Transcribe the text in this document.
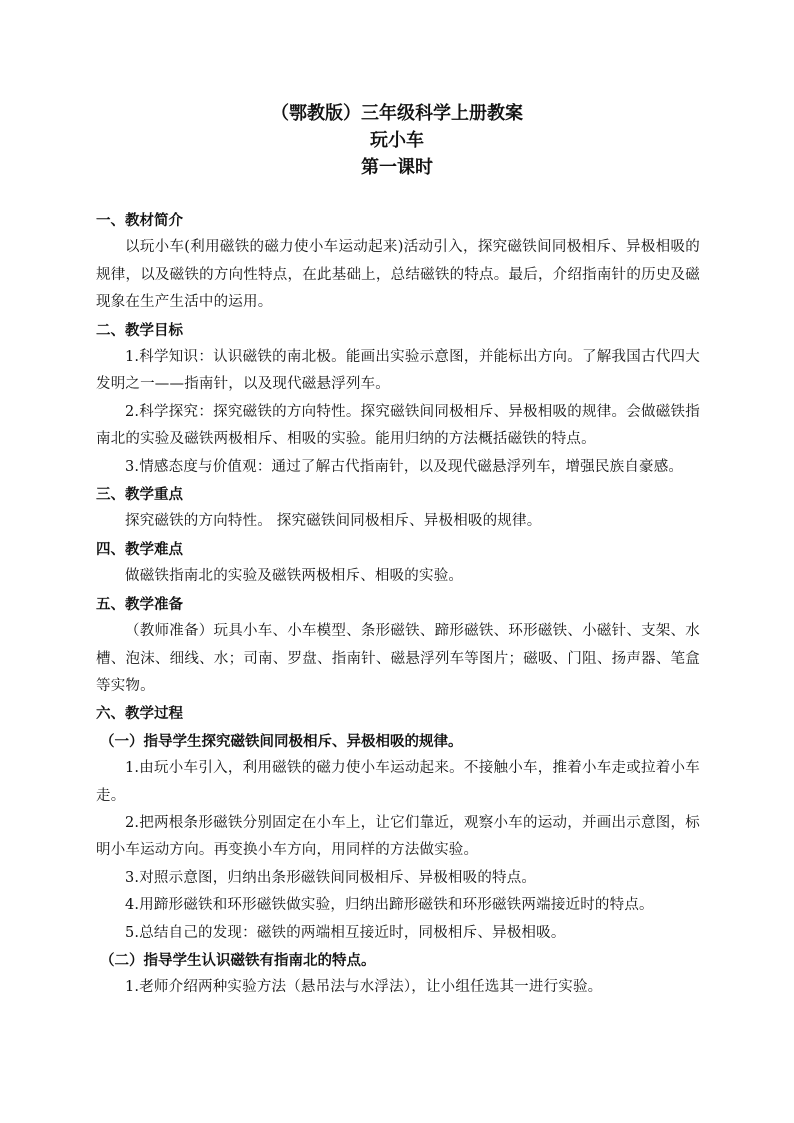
（鄂教版）三年级科学上册教案
玩小车
第一课时
一、教材简介
以玩小车(利用磁铁的磁力使小车运动起来)活动引入，探究磁铁间同极相斥、异极相吸的规律，以及磁铁的方向性特点，在此基础上，总结磁铁的特点。最后，介绍指南针的历史及磁现象在生产生活中的运用。
二、教学目标
1.科学知识：认识磁铁的南北极。能画出实验示意图，并能标出方向。了解我国古代四大发明之一——指南针，以及现代磁悬浮列车。
2.科学探究：探究磁铁的方向特性。探究磁铁间同极相斥、异极相吸的规律。会做磁铁指南北的实验及磁铁两极相斥、相吸的实验。能用归纳的方法概括磁铁的特点。
3.情感态度与价值观：通过了解古代指南针，以及现代磁悬浮列车，增强民族自豪感。
三、教学重点
探究磁铁的方向特性。 探究磁铁间同极相斥、异极相吸的规律。
四、教学难点
做磁铁指南北的实验及磁铁两极相斥、相吸的实验。
五、教学准备
（教师准备）玩具小车、小车模型、条形磁铁、蹄形磁铁、环形磁铁、小磁针、支架、水槽、泡沫、细线、水；司南、罗盘、指南针、磁悬浮列车等图片；磁吸、门阻、扬声器、笔盒等实物。
六、教学过程
（一）指导学生探究磁铁间同极相斥、异极相吸的规律。
1.由玩小车引入，利用磁铁的磁力使小车运动起来。不接触小车，推着小车走或拉着小车走。
2.把两根条形磁铁分别固定在小车上，让它们靠近，观察小车的运动，并画出示意图，标明小车运动方向。再变换小车方向，用同样的方法做实验。
3.对照示意图，归纳出条形磁铁间同极相斥、异极相吸的特点。
4.用蹄形磁铁和环形磁铁做实验，归纳出蹄形磁铁和环形磁铁两端接近时的特点。
5.总结自己的发现：磁铁的两端相互接近时，同极相斥、异极相吸。
（二）指导学生认识磁铁有指南北的特点。
1.老师介绍两种实验方法（悬吊法与水浮法），让小组任选其一进行实验。
